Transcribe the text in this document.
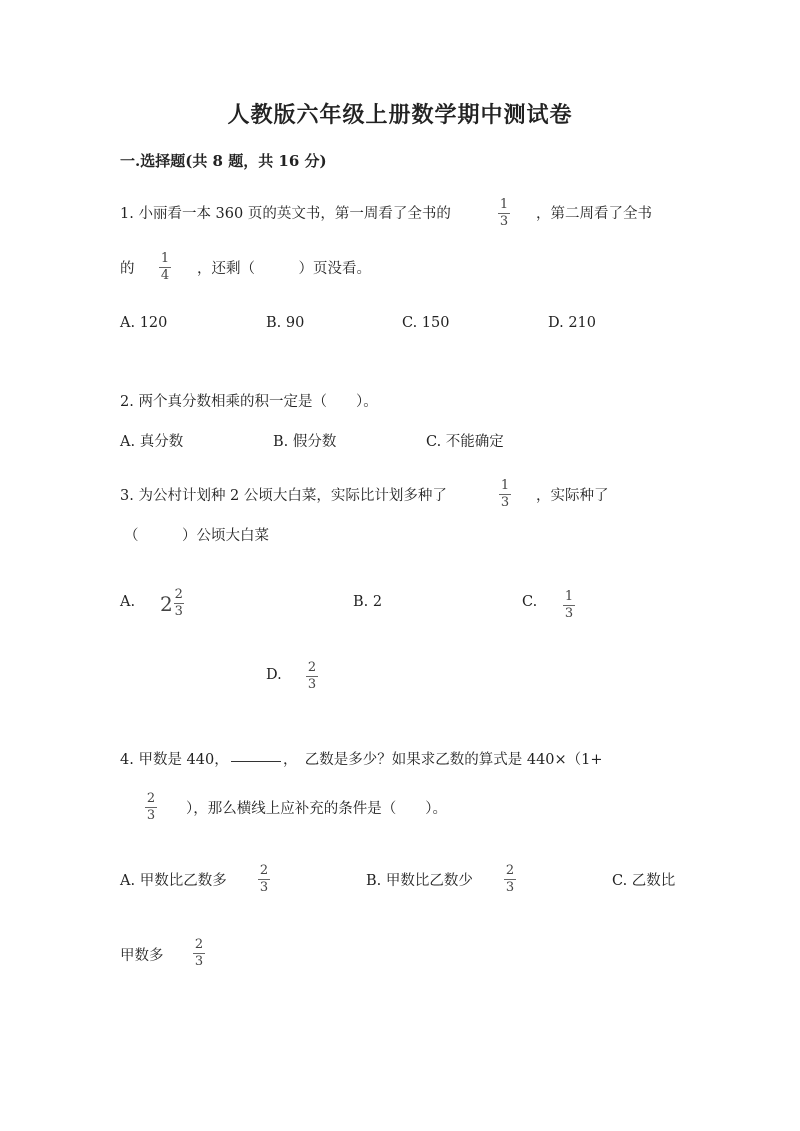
人教版六年级上册数学期中测试卷
一.选择题(共 8 题，共 16 分)
1. 小丽看一本 360 页的英文书，第一周看了全书的
1
3 ，第二周看了全书
的
1
4 ，还剩（　　　）页没看。
A. 120	B. 90	C. 150	D. 210
2. 两个真分数相乘的积一定是（　　）。
A. 真分数	B. 假分数	C. 不能确定
3. 为公村计划种 2 公顷大白菜，实际比计划多种了
1
3 ，实际种了
（　　　）公顷大白菜
A. $2 \frac{2}{3}$	B. 2	C. 1
3
D. 2
3
4. 甲数是 440，	，　乙数是多少？如果求乙数的算式是 440×（1+
2
3 ），那么横线上应补充的条件是（　　）。
A. 甲数比乙数多
2
3	B. 甲数比乙数少
2
3	C. 乙数比
甲数多
2
3
